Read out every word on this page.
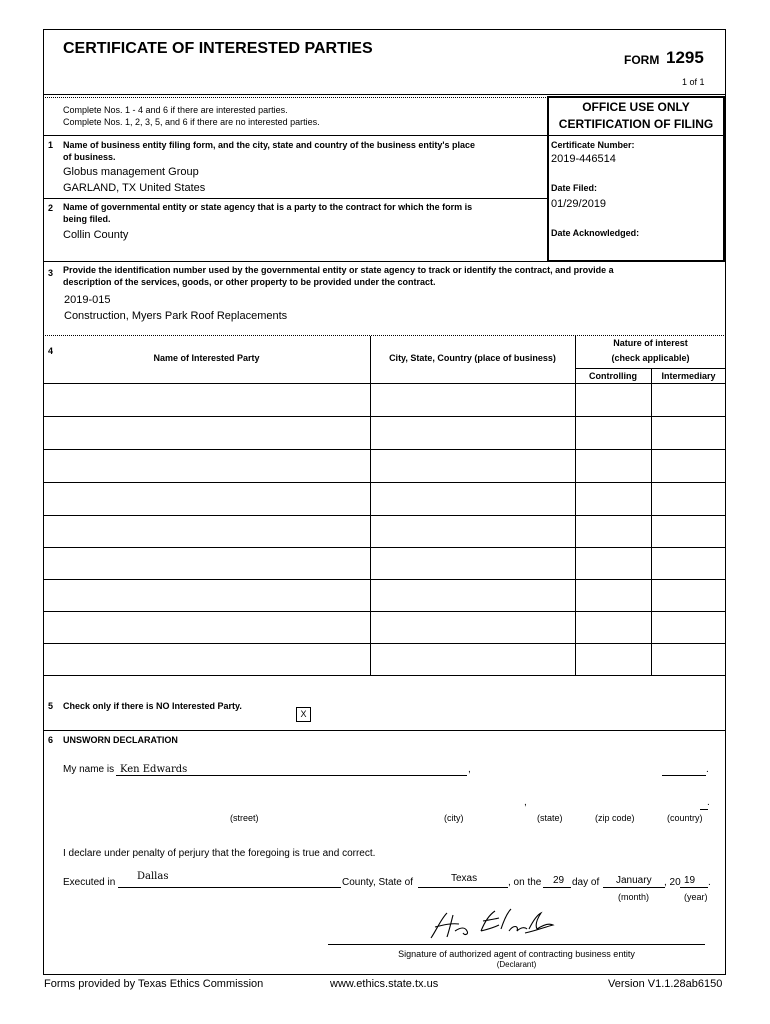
CERTIFICATE OF INTERESTED PARTIES
FORM 1295
1 of 1
Complete Nos. 1 - 4 and 6 if there are interested parties.
Complete Nos. 1, 2, 3, 5, and 6 if there are no interested parties.
OFFICE USE ONLY
CERTIFICATION OF FILING
Certificate Number:
2019-446514
Date Filed:
01/29/2019
Date Acknowledged:
1 Name of business entity filing form, and the city, state and country of the business entity's place
of business.
Globus management Group
GARLAND, TX United States
2 Name of governmental entity or state agency that is a party to the contract for which the form is
being filed.
Collin County
3 Provide the identification number used by the governmental entity or state agency to track or identify the contract, and provide a
description of the services, goods, or other property to be provided under the contract.
2019-015
Construction, Myers Park Roof Replacements
4
Name of Interested Party	City, State, Country (place of business)
Nature of interest
(check applicable)
Controlling	Intermediary
5 Check only if there is NO Interested Party.
X
6 UNSWORN DECLARATION
My name is Ken Edwards	,	.
,	.
(street)	(city)	(state)	(zip code)	(country)
I declare under penalty of perjury that the foregoing is true and correct.
Executed in
Dallas
County, State of	Texas	, on the 29 day of January , 20 19 .
(month)	(year)
Signature of authorized agent of contracting business entity
(Declarant)
Forms provided by Texas Ethics Commission	www.ethics.state.tx.us	Version V1.1.28ab6150
